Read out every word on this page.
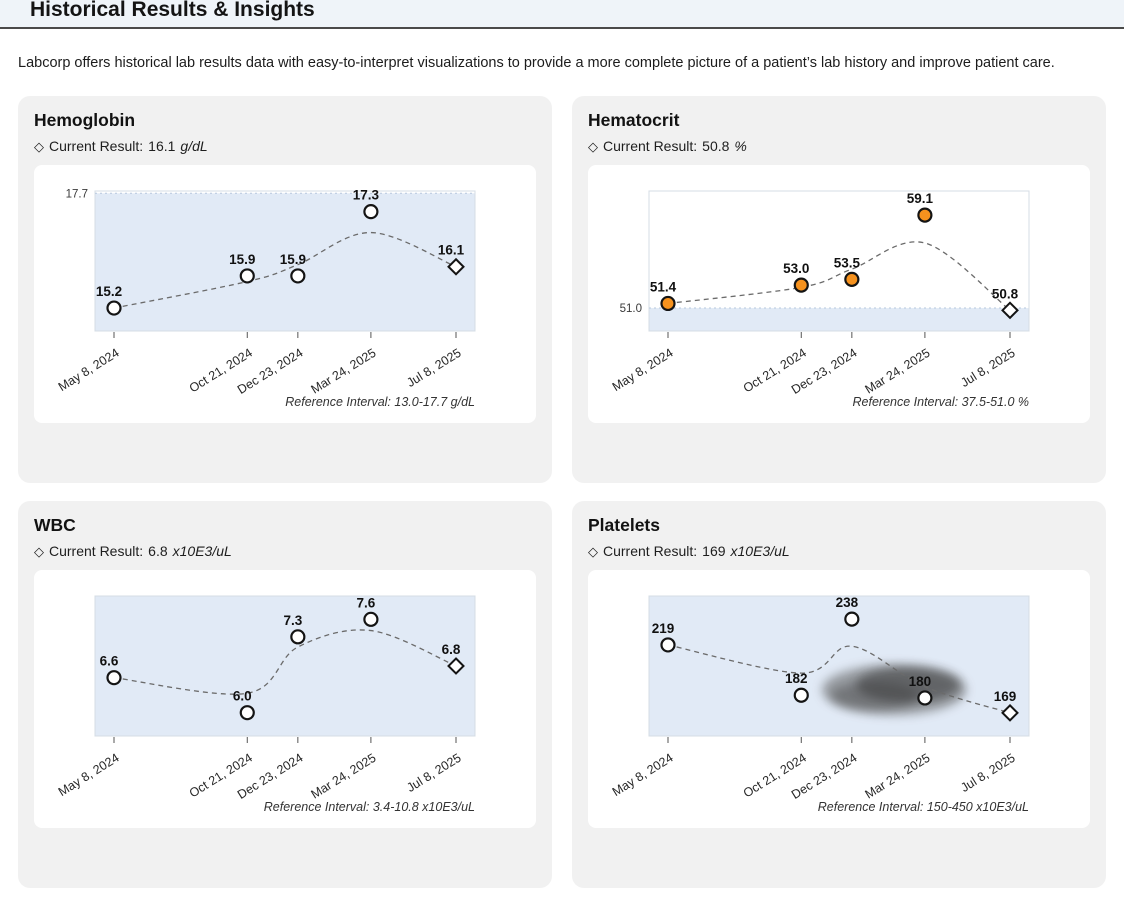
Historical Results & Insights

Labcorp offers historical lab results data with easy-to-interpret visualizations to provide a more complete picture of a patient’s lab history and improve patient care.

Hemoglobin
◇ Current Result: 16.1 g/dL
17.7
May 8, 2024	Oct 21, 2024
Dec 23, 2024 Mar 24, 2025 Jul 8, 2025
15.2
15.9 15.9
17.3
16.1
Reference Interval: 13.0-17.7 g/dL
Hematocrit
◇ Current Result: 50.8 %
51.0
May 8, 2024	Oct 21, 2024
Dec 23, 2024 Mar 24, 2025 Jul 8, 2025
51.4
53.0 53.5
59.1
50.8
Reference Interval: 37.5-51.0 %
WBC
◇ Current Result: 6.8 x10E3/uL
May 8, 2024	Oct 21, 2024
Dec 23, 2024 Mar 24, 2025 Jul 8, 2025
6.6
6.0
7.3
7.6
6.8
Reference Interval: 3.4-10.8 x10E3/uL
Platelets
◇ Current Result: 169 x10E3/uL
May 8, 2024	Oct 21, 2024
Dec 23, 2024 Mar 24, 2025 Jul 8, 2025
219
182
238
180
169
Reference Interval: 150-450 x10E3/uL
